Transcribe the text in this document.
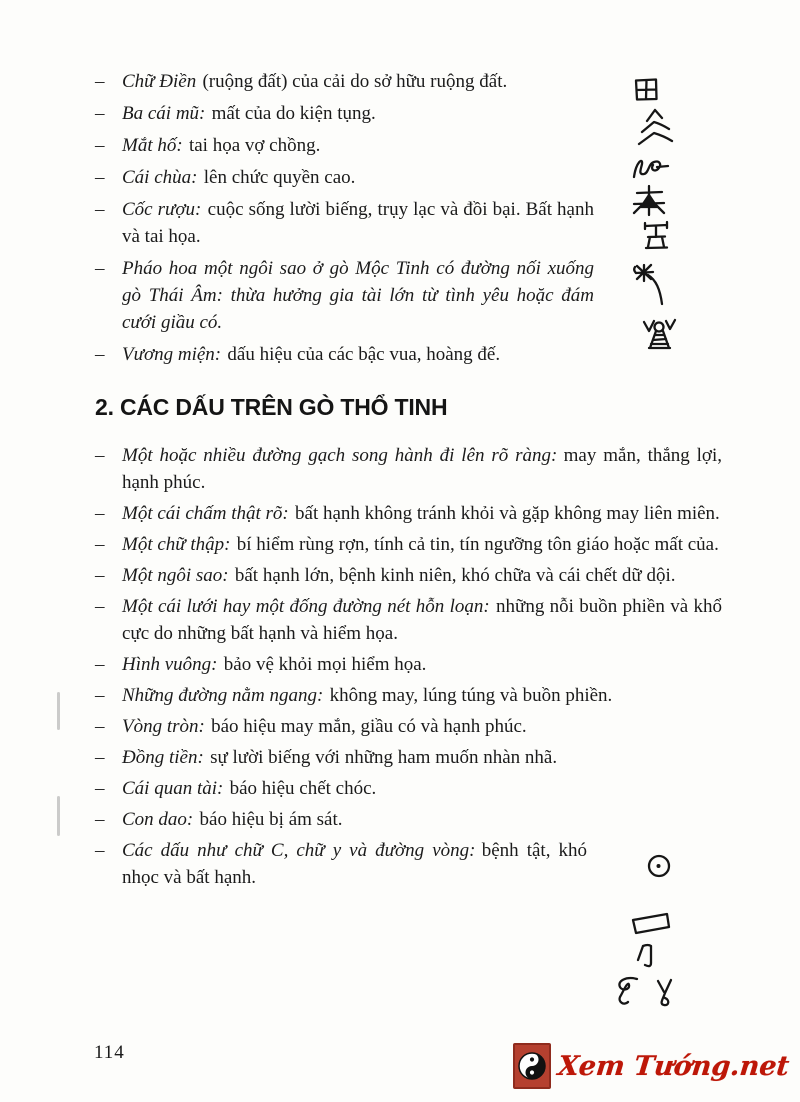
– Chữ Điền (ruộng đất) của cải do sở hữu ruộng đất.
– Ba cái mũ: mất của do kiện tụng.
– Mắt hố: tai họa vợ chồng.
– Cái chùa: lên chức quyền cao.
– Cốc rượu: cuộc sống lười biếng, trụy lạc và đồi bại. Bất hạnh và tai họa.
– Pháo hoa một ngôi sao ở gò Mộc Tinh có đường nối xuống gò Thái Âm: thừa hưởng gia tài lớn từ tình yêu hoặc đám cưới giầu có.
– Vương miện: dấu hiệu của các bậc vua, hoàng đế.
2. CÁC DẤU TRÊN GÒ THỔ TINH
– Một hoặc nhiều đường gạch song hành đi lên rõ ràng: may mắn, thắng lợi, hạnh phúc.
– Một cái chấm thật rõ: bất hạnh không tránh khỏi và gặp không may liên miên.
– Một chữ thập: bí hiểm rùng rợn, tính cả tin, tín ngưỡng tôn giáo hoặc mất của.
– Một ngôi sao: bất hạnh lớn, bệnh kinh niên, khó chữa và cái chết dữ dội.
– Một cái lưới hay một đống đường nét hỗn loạn: những nỗi buồn phiền và khổ cực do những bất hạnh và hiểm họa.
– Hình vuông: bảo vệ khỏi mọi hiểm họa.
– Những đường nằm ngang: không may, lúng túng và buồn phiền.
– Vòng tròn: báo hiệu may mắn, giầu có và hạnh phúc.
– Đồng tiền: sự lười biếng với những ham muốn nhàn nhã.
– Cái quan tài: báo hiệu chết chóc.
– Con dao: báo hiệu bị ám sát.
– Các dấu như chữ C, chữ y và đường vòng: bệnh tật, khó nhọc và bất hạnh.
114	Xem Tướng.net
